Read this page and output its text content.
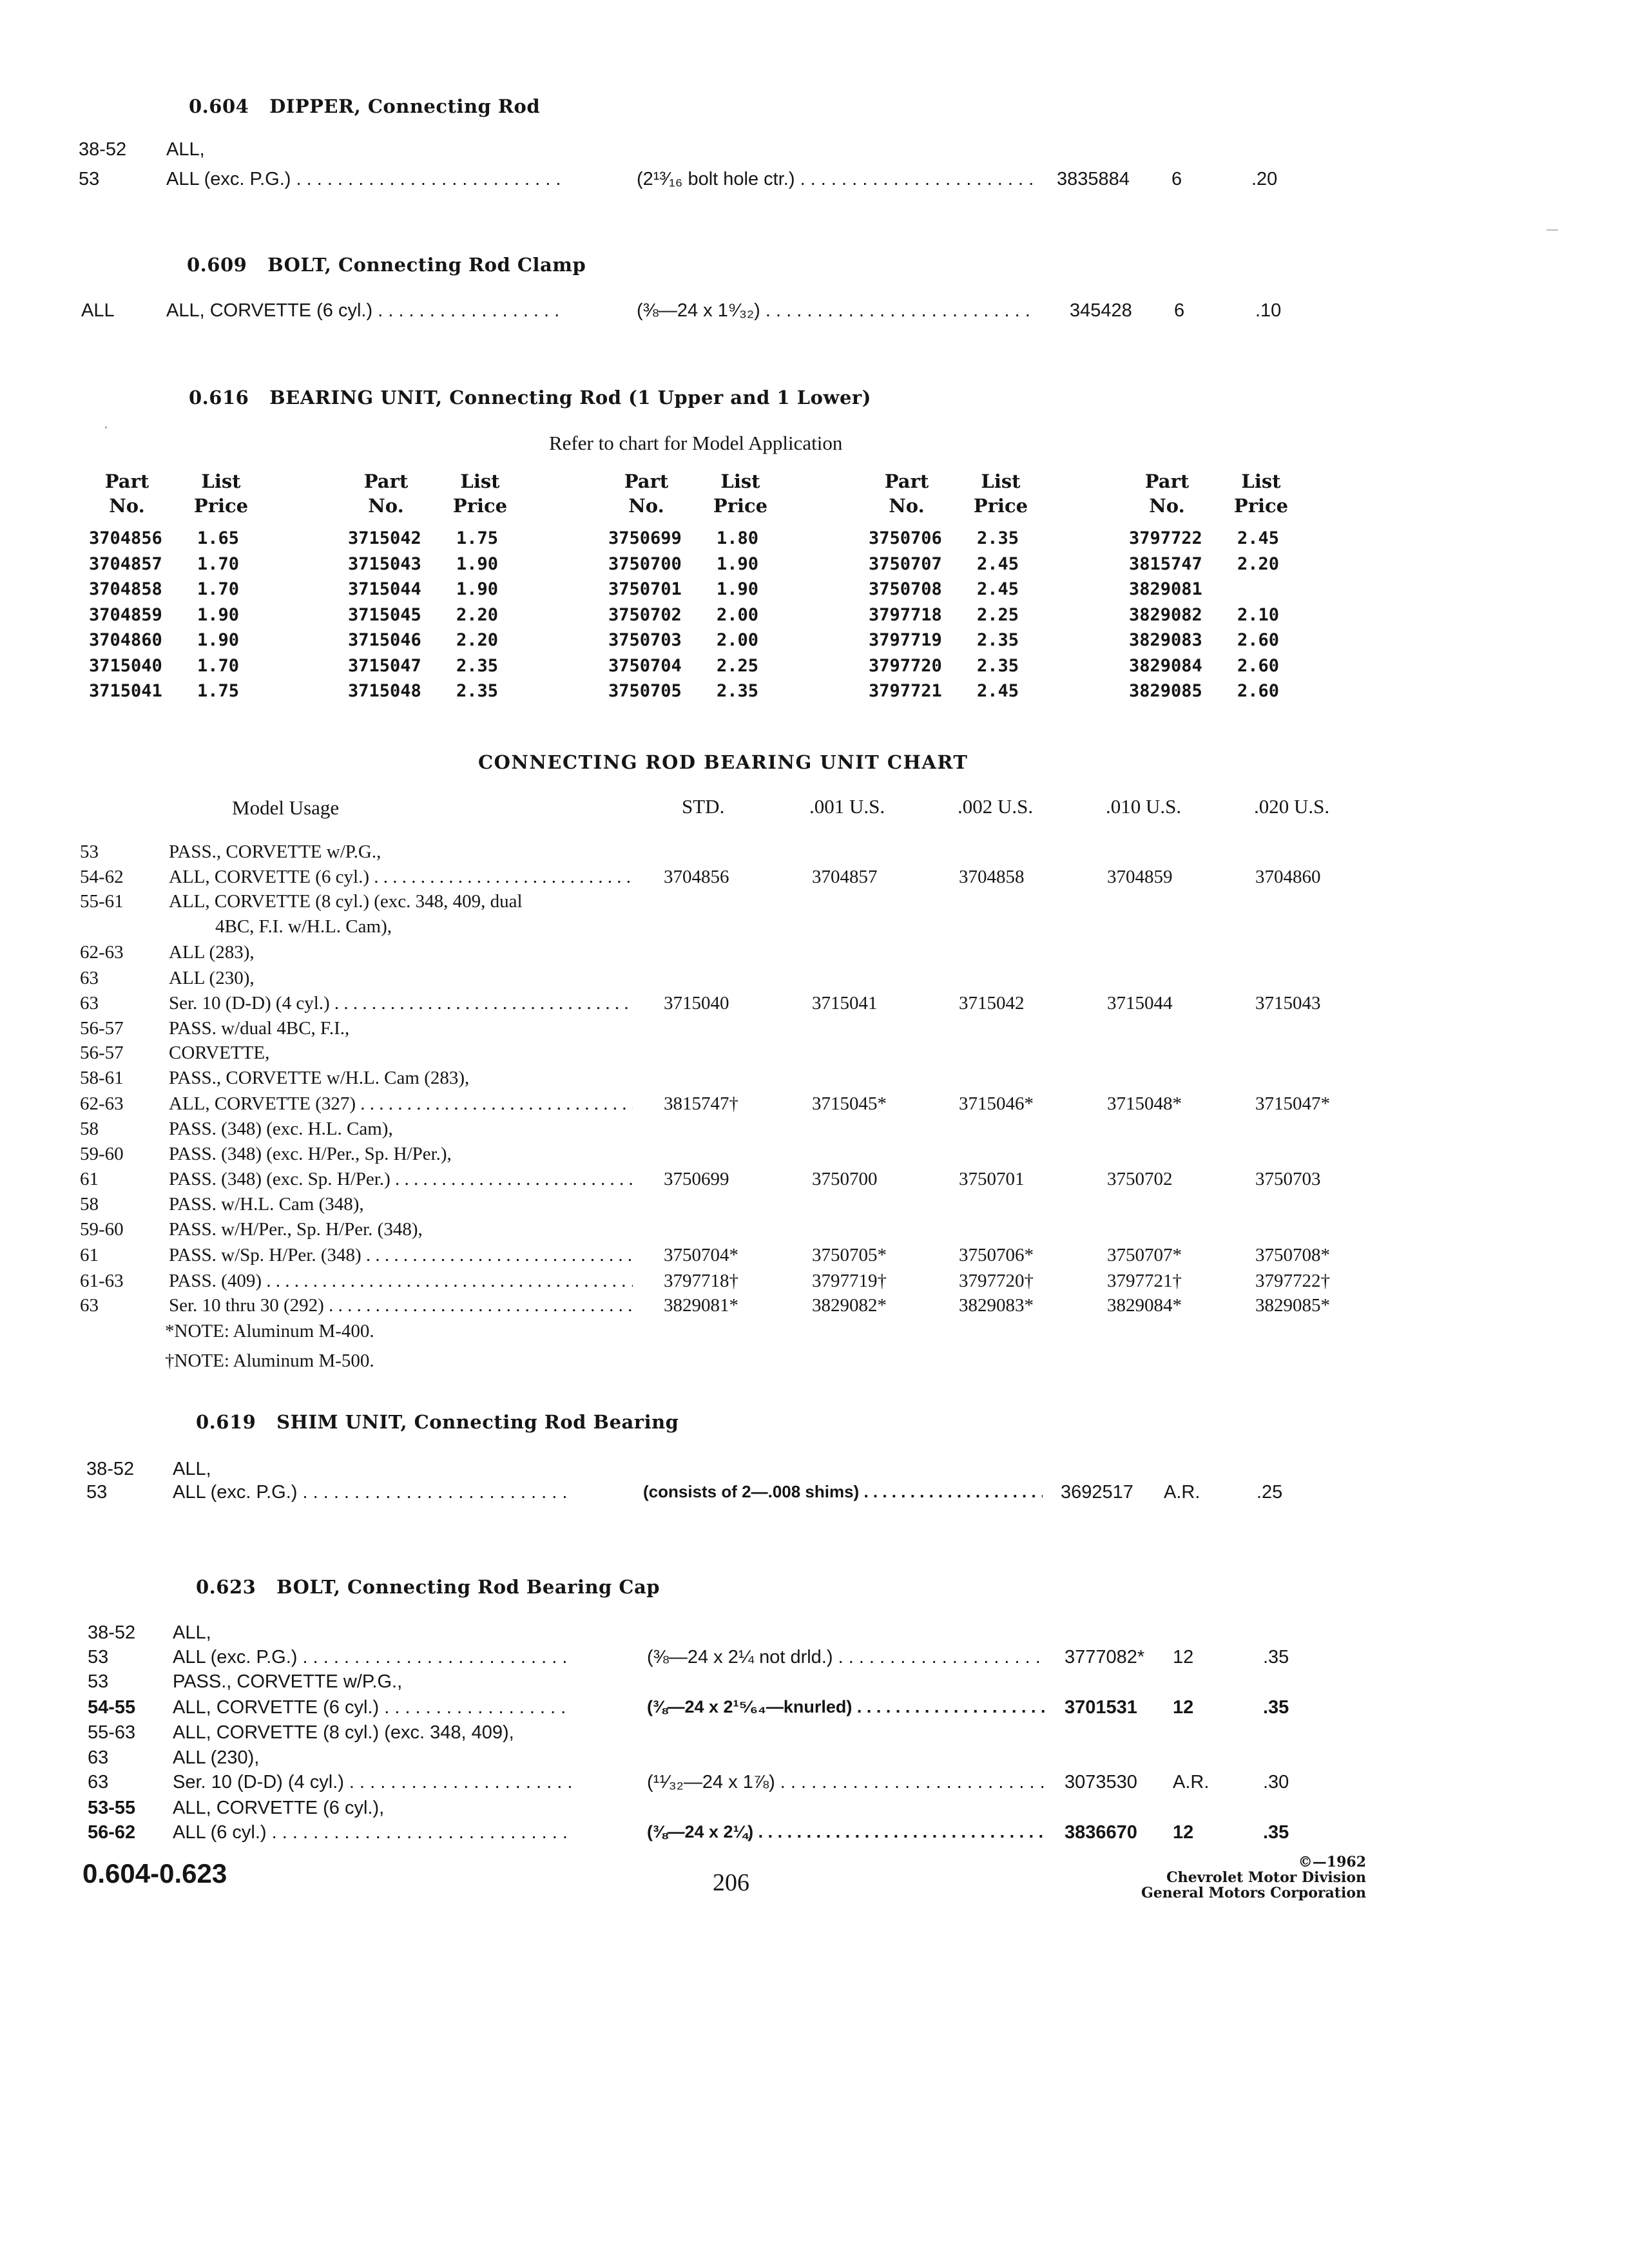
0.604 DIPPER, Connecting Rod
38-52 ALL,
53	ALL (exc. P.G.) . . .	(2¹³⁄₁₆ bolt hole ctr.) . . .	3835884 6	.20
0.609 BOLT, Connecting Rod Clamp
ALL	ALL, CORVETTE (6 cyl.) . . .	(⅜—24 x 1⁹⁄₃₂) . . .	345428 6	.10
0.616 BEARING UNIT, Connecting Rod (1 Upper and 1 Lower)
Refer to chart for Model Application
Part
No.
List
Price
3704856 1.65
3704857 1.70
3704858 1.70
3704859 1.90
3704860 1.90
3715040 1.70
3715041 1.75
Part
No.
List
Price
3715042 1.75
3715043 1.90
3715044 1.90
3715045 2.20
3715046 2.20
3715047 2.35
3715048 2.35
Part
No.
List
Price
3750699 1.80
3750700 1.90
3750701 1.90
3750702 2.00
3750703 2.00
3750704 2.25
3750705 2.35
Part
No.
List
Price
3750706 2.35
3750707 2.45
3750708 2.45
3797718 2.25
3797719 2.35
3797720 2.35
3797721 2.45
Part
No.
List
Price
3797722 2.45
3815747 2.20
3829081
3829082 2.10
3829083 2.60
3829084 2.60
3829085 2.60
CONNECTING ROD BEARING UNIT CHART
Model Usage	STD.	.001 U.S.	.002 U.S.	.010 U.S.	.020 U.S.
53	PASS., CORVETTE w/P.G.,
54-62 ALL, CORVETTE (6 cyl.) . . .	3704856	3704857	3704858	3704859	3704860
55-61 ALL, CORVETTE (8 cyl.) (exc. 348, 409, dual
4BC, F.I. w/H.L. Cam),
62-63 ALL (283),
63	ALL (230),
63	Ser. 10 (D-D) (4 cyl.) . . .	3715040	3715041	3715042	3715044	3715043
56-57 PASS. w/dual 4BC, F.I.,
56-57 CORVETTE,
58-61 PASS., CORVETTE w/H.L. Cam (283),
62-63 ALL, CORVETTE (327) . . .	3815747†	3715045*	3715046*	3715048*	3715047*
58	PASS. (348) (exc. H.L. Cam),
59-60 PASS. (348) (exc. H/Per., Sp. H/Per.),
61	PASS. (348) (exc. Sp. H/Per.) . . .	3750699	3750700	3750701	3750702	3750703
58	PASS. w/H.L. Cam (348),
59-60 PASS. w/H/Per., Sp. H/Per. (348),
61	PASS. w/Sp. H/Per. (348) . . .	3750704*	3750705*	3750706*	3750707*	3750708*
61-63 PASS. (409) . . .	3797718†	3797719†	3797720†	3797721†	3797722†
63	Ser. 10 thru 30 (292) . . .	3829081*	3829082*	3829083*	3829084*	3829085*
*NOTE: Aluminum M-400.
†NOTE: Aluminum M-500.
0.619 SHIM UNIT, Connecting Rod Bearing
38-52 ALL,
53	ALL (exc. P.G.) . . .	(consists of 2—.008 shims) . . .	3692517 A.R.	.25
0.623 BOLT, Connecting Rod Bearing Cap
38-52 ALL,
53	ALL (exc. P.G.) . . .	(⅜—24 x 2¼ not drld.) . . .	3777082* 12	.35
53	PASS., CORVETTE w/P.G.,
54-55 ALL, CORVETTE (6 cyl.) . . .	(⅜—24 x 2¹⁵⁄₆₄—knurled) . . .	3701531 12	.35
55-63 ALL, CORVETTE (8 cyl.) (exc. 348, 409),
63	ALL (230),
63	Ser. 10 (D-D) (4 cyl.) . . .	(¹¹⁄₃₂—24 x 1⅞) . . .	3073530 A.R.	.30
53-55 ALL, CORVETTE (6 cyl.),
56-62 ALL (6 cyl.) . . .	(⅜—24 x 2¼) . . .	3836670 12	.35
0.604-0.623	206
©—1962
Chevrolet Motor Division
General Motors Corporation
